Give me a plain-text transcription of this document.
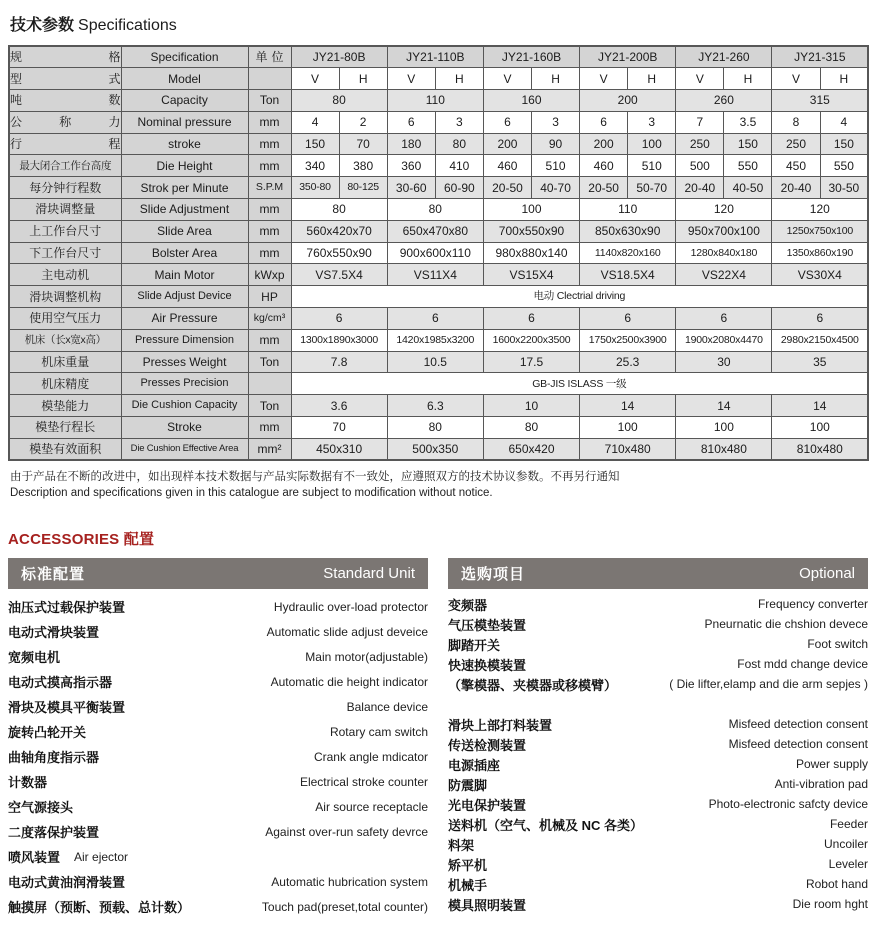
技术参数 Specifications
规格	Specification	单位	JY21-80B		JY21-110B		JY21-160B		JY21-200B		JY21-260		JY21-315	
型式	Model		V	H	V	H	V	H	V	H	V	H	V	H
吨数	Capacity	Ton	80		110		160		200		260		315	
公称力	Nominal pressure	mm	4	2	6	3	6	3	6	3	7	3.5	8	4
行程	stroke	mm	150	70	180	80	200	90	200	100	250	150	250	150
最大闭合工作台高度	Die Height	mm	340	380	360	410	460	510	460	510	500	550	450	550
每分钟行程数	Strok per Minute	S.P.M	350-80	80-125	30-60	60-90	20-50	40-70	20-50	50-70	20-40	40-50	20-40	30-50
滑块调整量	Slide Adjustment	mm	80		80		100		110		120		120	
上工作台尺寸	Slide Area	mm	560x420x70		650x470x80		700x550x90		850x630x90		950x700x100		1250x750x100	
下工作台尺寸	Bolster Area	mm	760x550x90		900x600x110		980x880x140		1140x820x160		1280x840x180		1350x860x190	
主电动机	Main Motor	kWxp	VS7.5X4		VS11X4		VS15X4		VS18.5X4		VS22X4		VS30X4	
滑块调整机构	Slide Adjust Device	HP	电动 Clectrial driving											
使用空气压力	Air Pressure	kg/cm³	6		6		6		6		6		6	
机床（长x宽x高）	Pressure Dimension	mm	1300x1890x3000		1420x1985x3200		1600x2200x3500		1750x2500x3900		1900x2080x4470		2980x2150x4500	
机床重量	Presses Weight	Ton	7.8		10.5		17.5		25.3		30		35	
机床精度	Presses Precision		GB-JIS ISLASS 一级											
模垫能力	Die Cushion Capacity	Ton	3.6		6.3		10		14		14		14	
模垫行程长	Stroke	mm	70		80		80		100		100		100	
模垫有效面积	Die Cushion Effective Area	mm²	450x310		500x350		650x420		710x480		810x480		810x480	
由于产品在不断的改进中，如出现样本技术数据与产品实际数据有不一致处，应遵照双方的技术协议参数。不再另行通知
Description and specifications given in this catalogue are subject to modification without notice.
ACCESSORIES 配置
标准配置	Standard Unit
油压式过载保护装置	Hydraulic over-load protector
电动式滑块装置	Automatic slide adjust deveice
宽频电机	Main motor(adjustable)
电动式摸高指示器	Automatic die height indicator
滑块及模具平衡装置	Balance device
旋转凸轮开关	Rotary cam switch
曲轴角度指示器	Crank angle mdicator
计数器	Electrical stroke counter
空气源接头	Air source receptacle
二度落保护装置	Against over-run safety devrce
喷风装置 Air ejector
电动式黄油润滑装置	Automatic hubrication system
触摸屏（预断、预载、总计数）	Touch pad(preset,total counter)
选购项目	Optional
变频器	Frequency converter
气压模垫装置	Pneurnatic die chshion devece
脚踏开关	Foot switch
快速换模装置	Fost mdd change device
（擎模器、夹模器或移模臂）	( Die lifter,elamp and die arm sepjes )
滑块上部打料装置	Misfeed detection consent
传送检测装置	Misfeed detection consent
电源插座	Power supply
防震脚	Anti-vibration pad
光电保护装置	Photo-electronic safcty device
送料机（空气、机械及 NC 各类）	Feeder
料架	Uncoiler
矫平机	Leveler
机械手	Robot hand
模具照明装置	Die room hght
